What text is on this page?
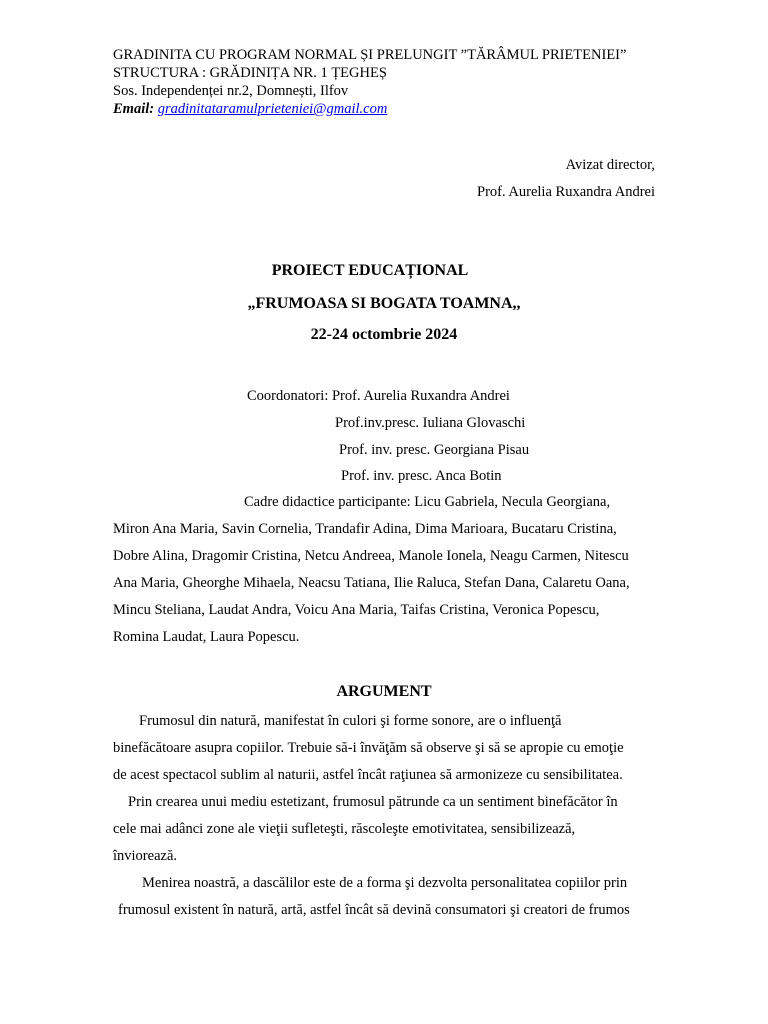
GRADINITA CU PROGRAM NORMAL ȘI PRELUNGIT ”TĂRÂMUL PRIETENIEI”
STRUCTURA : GRĂDINIȚA NR. 1 ȚEGHEȘ
Sos. Independenței nr.2, Domnești, Ilfov
Email: gradinitataramulprieteniei@gmail.com
Avizat director,
Prof. Aurelia Ruxandra Andrei
PROIECT EDUCAȚIONAL
„FRUMOASA SI BOGATA TOAMNA,,
22-24 octombrie 2024
Coordonatori: Prof. Aurelia Ruxandra Andrei
Prof.inv.presc. Iuliana Glovaschi
Prof. inv. presc. Georgiana Pisau
Prof. inv. presc. Anca Botin
Cadre didactice participante: Licu Gabriela, Necula Georgiana,
Miron Ana Maria, Savin Cornelia, Trandafir Adina, Dima Marioara, Bucataru Cristina,
Dobre Alina, Dragomir Cristina, Netcu Andreea, Manole Ionela, Neagu Carmen, Nitescu
Ana Maria, Gheorghe Mihaela, Neacsu Tatiana, Ilie Raluca, Stefan Dana, Calaretu Oana,
Mincu Steliana, Laudat Andra, Voicu Ana Maria, Taifas Cristina, Veronica Popescu,
Romina Laudat, Laura Popescu.
ARGUMENT
Frumosul din natură, manifestat în culori şi forme sonore, are o influenţă
binefăcătoare asupra copiilor. Trebuie să-i învăţăm să observe şi să se apropie cu emoţie
de acest spectacol sublim al naturii, astfel încât raţiunea să armonizeze cu sensibilitatea.
Prin crearea unui mediu estetizant, frumosul pătrunde ca un sentiment binefăcător în
cele mai adânci zone ale vieţii sufleteşti, răscoleşte emotivitatea, sensibilizează,
înviorează.
Menirea noastră, a dascălilor este de a forma şi dezvolta personalitatea copiilor prin
frumosul existent în natură, artă, astfel încât să devină consumatori şi creatori de frumos
